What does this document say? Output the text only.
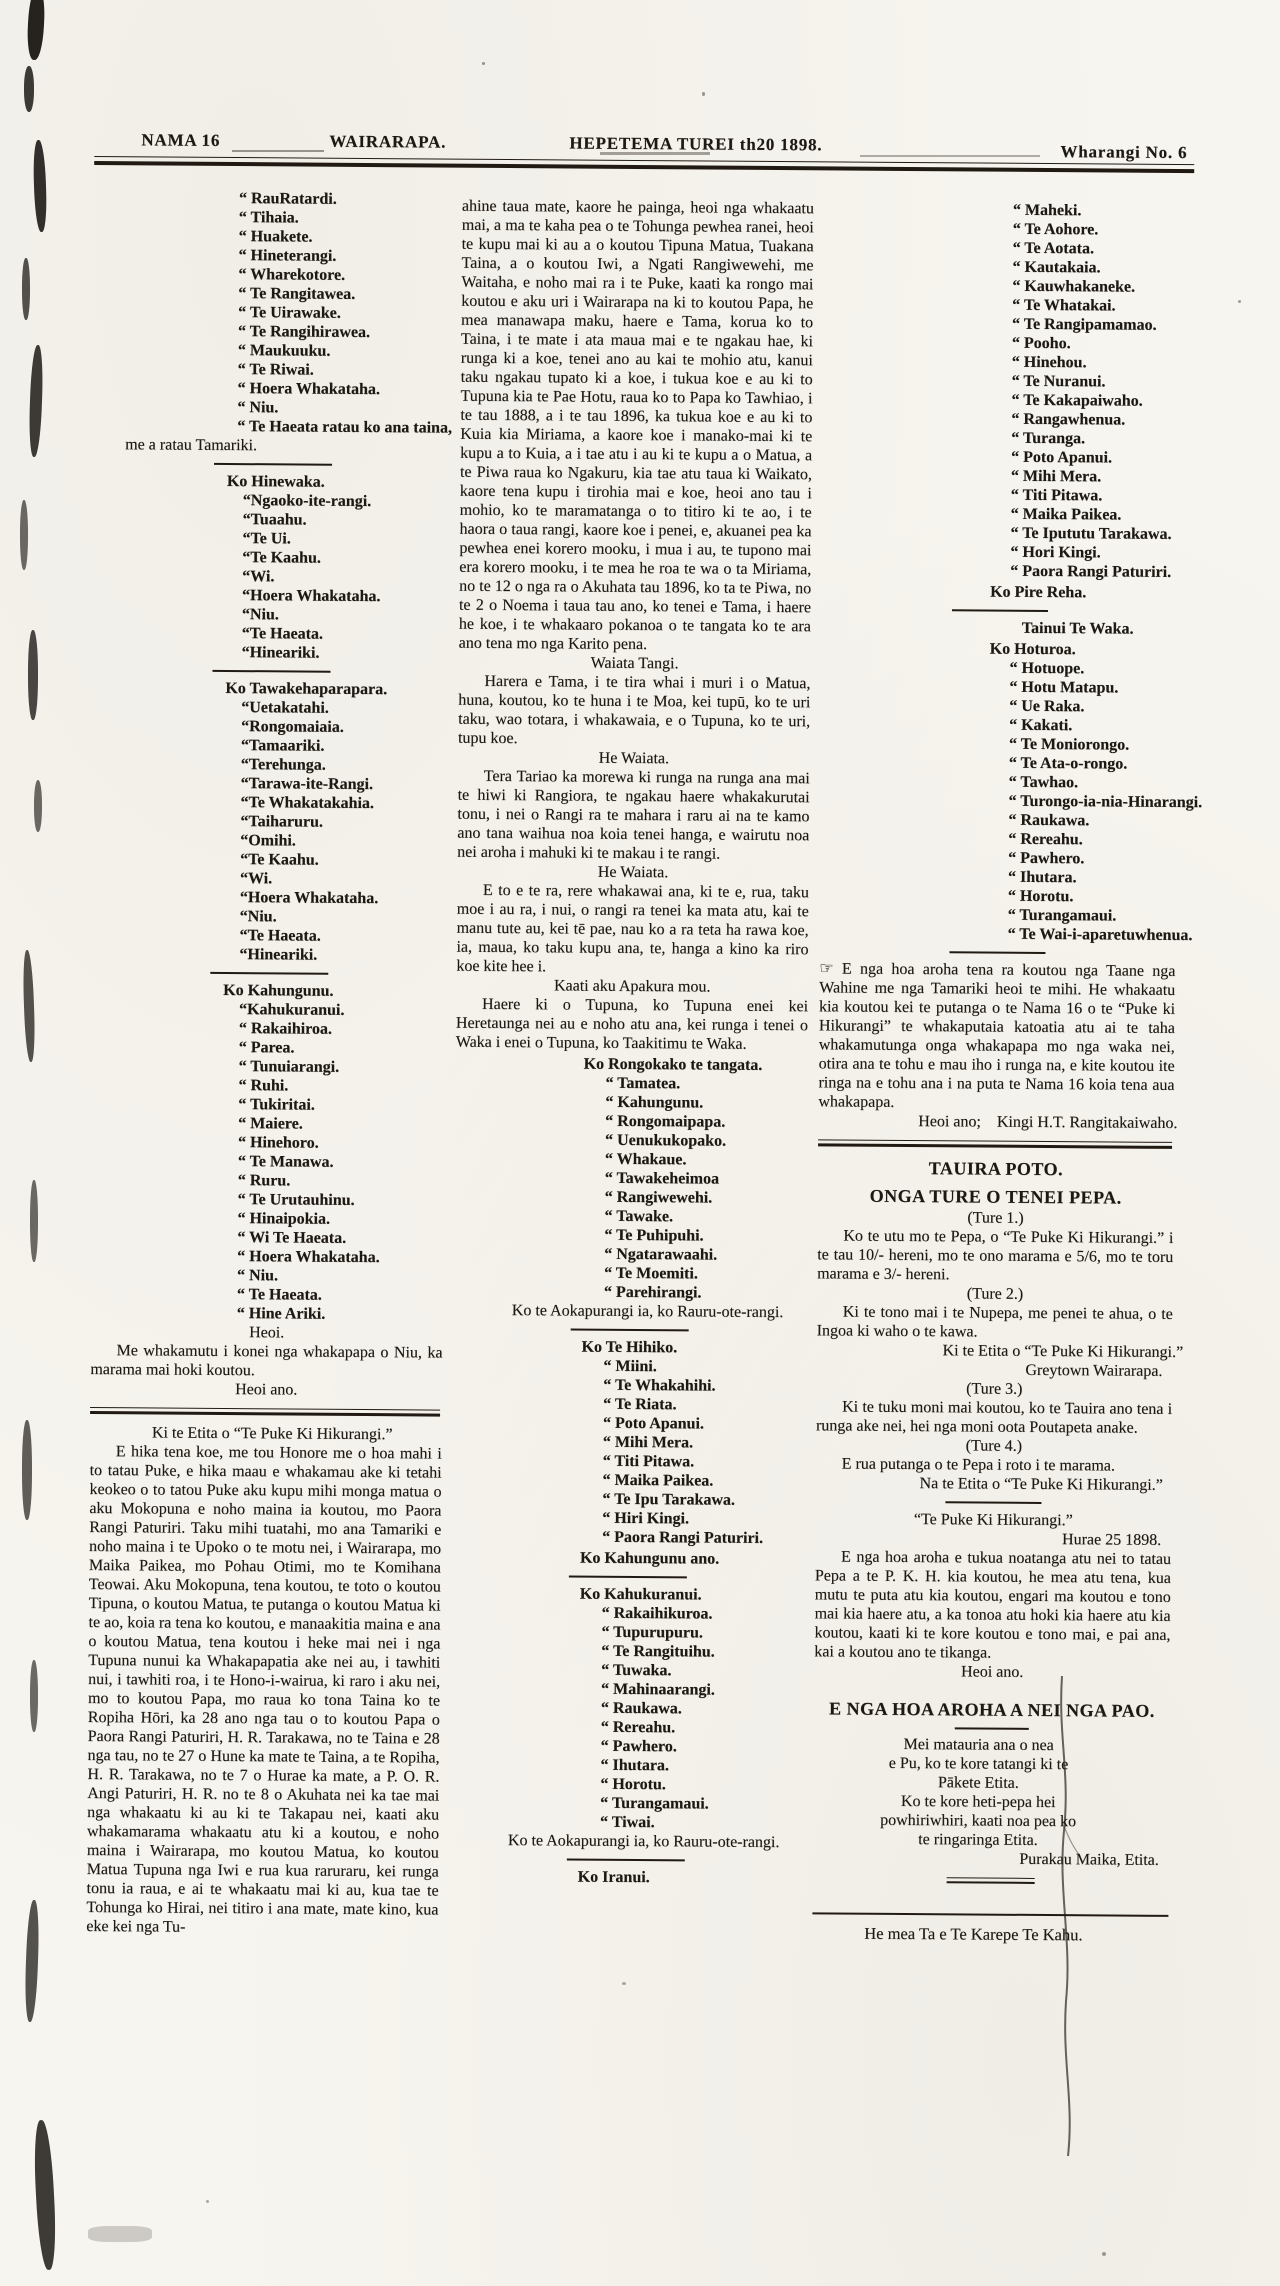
NAMA 16	WAIRARAPA.	HEPETEMA TUREI th20 1898.	Wharangi No. 6
“ RauRatardi.
“ Tihaia.
“ Huakete.
“ Hineterangi.
“ Wharekotore.
“ Te Rangitawea.
“ Te Uirawake.
“ Te Rangihirawea.
“ Maukuuku.
“ Te Riwai.
“ Hoera Whakataha.
“ Niu.
“ Te Haeata ratau ko ana taina,
me a ratau Tamariki.
Ko Hinewaka.
“Ngaoko-ite-rangi.
“Tuaahu.
“Te Ui.
“Te Kaahu.
“Wi.
“Hoera Whakataha.
“Niu.
“Te Haeata.
“Hineariki.
Ko Tawakehaparapara.
“Uetakatahi.
“Rongomaiaia.
“Tamaariki.
“Terehunga.
“Tarawa-ite-Rangi.
“Te Whakatakahia.
“Taiharuru.
“Omihi.
“Te Kaahu.
“Wi.
“Hoera Whakataha.
“Niu.
“Te Haeata.
“Hineariki.
Ko Kahungunu.
“Kahukuranui.
“ Rakaihiroa.
“ Parea.
“ Tunuiarangi.
“ Ruhi.
“ Tukiritai.
“ Maiere.
“ Hinehoro.
“ Te Manawa.
“ Ruru.
“ Te Urutauhinu.
“ Hinaipokia.
“ Wi Te Haeata.
“ Hoera Whakataha.
“ Niu.
“ Te Haeata.
“ Hine Ariki.
Heoi.
Me whakamutu i konei nga whakapapa o Niu, ka marama mai hoki koutou.
Heoi ano.
Ki te Etita o “Te Puke Ki Hikurangi.”
E hika tena koe, me tou Honore me o hoa mahi i to tatau Puke, e hika maau e whakamau ake ki tetahi keokeo o to tatou Puke aku kupu mihi monga matua o aku Mokopuna e noho maina ia koutou, mo Paora Rangi Paturiri. Taku mihi tuatahi, mo ana Tamariki e noho maina i te Upoko o te motu nei, i Wairarapa, mo Maika Paikea, mo Pohau Otimi, mo te Komihana Teowai. Aku Mokopuna, tena koutou, te toto o koutou Tipuna, o koutou Matua, te putanga o koutou Matua ki te ao, koia ra tena ko koutou, e manaakitia maina e ana o koutou Matua, tena koutou i heke mai nei i nga Tupuna nunui ka Whakapapatia ake nei au, i tawhiti nui, i tawhiti roa, i te Hono-i-wairua, ki raro i aku nei, mo to koutou Papa, mo raua ko tona Taina ko te Ropiha Hōri, ka 28 ano nga tau o to koutou Papa o Paora Rangi Paturiri, H. R. Tarakawa, no te Taina e 28 nga tau, no te 27 o Hune ka mate te Taina, a te Ropiha, H. R. Tarakawa, no te 7 o Hurae ka mate, a P. O. R. Angi Paturiri, H. R. no te 8 o Akuhata nei ka tae mai nga whakaatu ki au ki te Takapau nei, kaati aku whakamarama whakaatu atu ki a koutou, e noho maina i Wairarapa, mo koutou Matua, ko koutou Matua Tupuna nga Iwi e rua kua raruraru, kei runga tonu ia raua, e ai te whakaatu mai ki au, kua tae te Tohunga ko Hirai, nei titiro i ana mate, mate kino, kua eke kei nga Tu-
ahine taua mate, kaore he painga, heoi nga whakaatu mai, a ma te kaha pea o te Tohunga pewhea ranei, heoi te kupu mai ki au a o koutou Tipuna Matua, Tuakana Taina, a o koutou Iwi, a Ngati Rangiwewehi, me Waitaha, e noho mai ra i te Puke, kaati ka rongo mai koutou e aku uri i Wairarapa na ki to koutou Papa, he mea manawapa maku, haere e Tama, korua ko to Taina, i te mate i ata maua mai e te ngakau hae, ki runga ki a koe, tenei ano au kai te mohio atu, kanui taku ngakau tupato ki a koe, i tukua koe e au ki to Tupuna kia te Pae Hotu, raua ko to Papa ko Tawhiao, i te tau 1888, a i te tau 1896, ka tukua koe e au ki to Kuia kia Miriama, a kaore koe i manako-mai ki te kupu a to Kuia, a i tae atu i au ki te kupu a o Matua, a te Piwa raua ko Ngakuru, kia tae atu taua ki Waikato, kaore tena kupu i tirohia mai e koe, heoi ano tau i mohio, ko te maramatanga o to titiro ki te ao, i te haora o taua rangi, kaore koe i penei, e, akuanei pea ka pewhea enei korero mooku, i mua i au, te tupono mai era korero mooku, i te mea he roa te wa o ta Miriama, no te 12 o nga ra o Akuhata tau 1896, ko ta te Piwa, no te 2 o Noema i taua tau ano, ko tenei e Tama, i haere he koe, i te whakaaro pokanoa o te tangata ko te ara ano tena mo nga Karito pena.
Waiata Tangi.
Harera e Tama, i te tira whai i muri i o Matua, huna, koutou, ko te huna i te Moa, kei tupū, ko te uri taku, wao totara, i whakawaia, e o Tupuna, ko te uri, tupu koe.
He Waiata.
Tera Tariao ka morewa ki runga na runga ana mai te hiwi ki Rangiora, te ngakau haere whakakurutai tonu, i nei o Rangi ra te mahara i raru ai na te kamo ano tana waihua noa koia tenei hanga, e wairutu noa nei aroha i mahuki ki te makau i te rangi.
He Waiata.
E to e te ra, rere whakawai ana, ki te e, rua, taku moe i au ra, i nui, o rangi ra tenei ka mata atu, kai te manu tute au, kei tē pae, nau ko a ra teta ha rawa koe, ia, maua, ko taku kupu ana, te, hanga a kino ka riro koe kite hee i.
Kaati aku Apakura mou.
Haere ki o Tupuna, ko Tupuna enei kei Heretaunga nei au e noho atu ana, kei runga i tenei o Waka i enei o Tupuna, ko Taakitimu te Waka.
Ko Rongokako te tangata.
“ Tamatea.
“ Kahungunu.
“ Rongomaipapa.
“ Uenukukopako.
“ Whakaue.
“ Tawakeheimoa
“ Rangiwewehi.
“ Tawake.
“ Te Puhipuhi.
“ Ngatarawaahi.
“ Te Moemiti.
“ Parehirangi.
Ko te Aokapurangi ia, ko Rauru-ote-rangi.
Ko Te Hihiko.
“ Miini.
“ Te Whakahihi.
“ Te Riata.
“ Poto Apanui.
“ Mihi Mera.
“ Titi Pitawa.
“ Maika Paikea.
“ Te Ipu Tarakawa.
“ Hiri Kingi.
“ Paora Rangi Paturiri.
Ko Kahungunu ano.
Ko Kahukuranui.
“ Rakaihikuroa.
“ Tupurupuru.
“ Te Rangituihu.
“ Tuwaka.
“ Mahinaarangi.
“ Raukawa.
“ Rereahu.
“ Pawhero.
“ Ihutara.
“ Horotu.
“ Turangamaui.
“ Tiwai.
Ko te Aokapurangi ia, ko Rauru-ote-rangi.
Ko Iranui.
“ Maheki.
“ Te Aohore.
“ Te Aotata.
“ Kautakaia.
“ Kauwhakaneke.
“ Te Whatakai.
“ Te Rangipamamao.
“ Pooho.
“ Hinehou.
“ Te Nuranui.
“ Te Kakapaiwaho.
“ Rangawhenua.
“ Turanga.
“ Poto Apanui.
“ Mihi Mera.
“ Titi Pitawa.
“ Maika Paikea.
“ Te Ipututu Tarakawa.
“ Hori Kingi.
“ Paora Rangi Paturiri.
Ko Pire Reha.
Tainui Te Waka.
Ko Hoturoa.
“ Hotuope.
“ Hotu Matapu.
“ Ue Raka.
“ Kakati.
“ Te Moniorongo.
“ Te Ata-o-rongo.
“ Tawhao.
“ Turongo-ia-nia-Hinarangi.
“ Raukawa.
“ Rereahu.
“ Pawhero.
“ Ihutara.
“ Horotu.
“ Turangamaui.
“ Te Wai-i-aparetuwhenua.
☞ E nga hoa aroha tena ra koutou nga Taane nga Wahine me nga Tamariki heoi te mihi. He whakaatu kia koutou kei te putanga o te Nama 16 o te “Puke ki Hikurangi” te whakaputaia katoatia atu ai te taha whakamutunga onga whakapapa mo nga waka nei, otira ana te tohu e mau iho i runga na, e kite koutou ite ringa na e tohu ana i na puta te Nama 16 koia tena aua whakapapa.
Heoi ano;    Kingi H.T. Rangitakaiwaho.
TAUIRA POTO.
ONGA TURE O TENEI PEPA.
(Ture 1.)
Ko te utu mo te Pepa, o “Te Puke Ki Hikurangi.” i te tau 10/- hereni, mo te ono marama e 5/6, mo te toru marama e 3/- hereni.
(Ture 2.)
Ki te tono mai i te Nupepa, me penei te ahua, o te Ingoa ki waho o te kawa.
Ki te Etita o “Te Puke Ki Hikurangi.”
Greytown Wairarapa.
(Ture 3.)
Ki te tuku moni mai koutou, ko te Tauira ano tena i runga ake nei, hei nga moni oota Poutapeta anake.
(Ture 4.)
E rua putanga o te Pepa i roto i te marama.
Na te Etita o “Te Puke Ki Hikurangi.”
“Te Puke Ki Hikurangi.”
Hurae 25 1898.
E nga hoa aroha e tukua noatanga atu nei to tatau Pepa a te P. K. H. kia koutou, he mea atu tena, kua mutu te puta atu kia koutou, engari ma koutou e tono mai kia haere atu, a ka tonoa atu hoki kia haere atu kia koutou, kaati ki te kore koutou e tono mai, e pai ana, kai a koutou ano te tikanga.
Heoi ano.
E NGA HOA AROHA A NEI NGA PAO.
Mei matauria ana o nea
e Pu, ko te kore tatangi ki te
Pākete Etita.
Ko te kore heti-pepa hei
powhiriwhiri, kaati noa pea ko
te ringaringa Etita.
Purakau Maika, Etita.
He mea Ta e Te Karepe Te Kahu.
